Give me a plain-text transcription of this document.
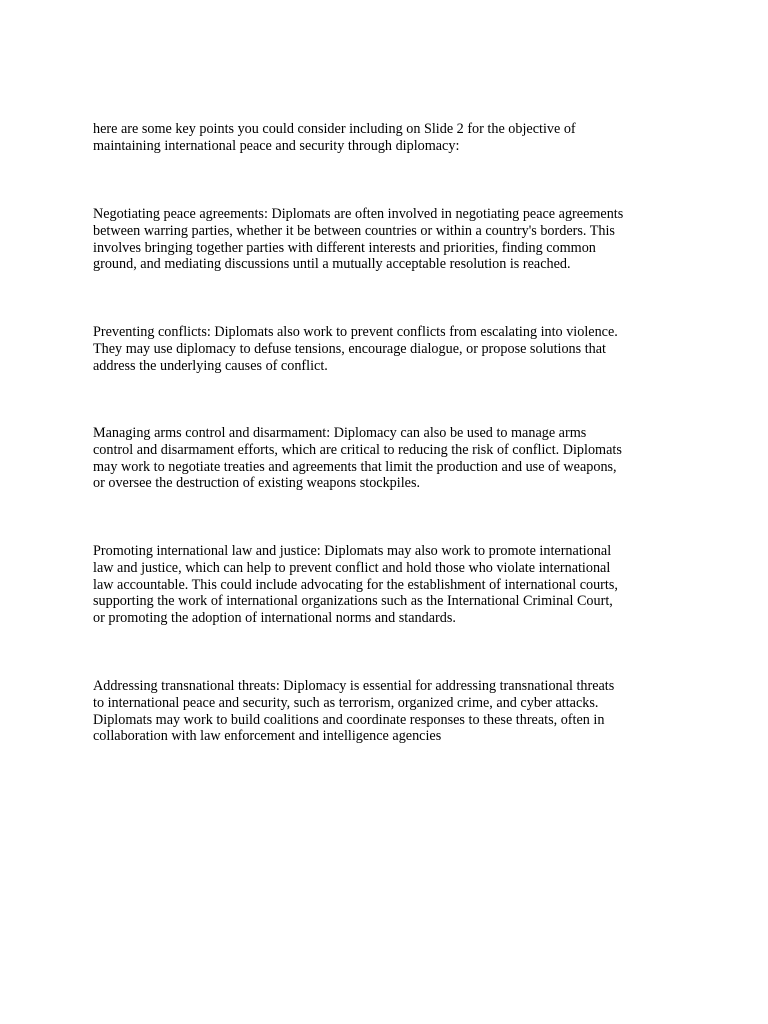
here are some key points you could consider including on Slide 2 for the objective of
maintaining international peace and security through diplomacy:

Negotiating peace agreements: Diplomats are often involved in negotiating peace agreements
between warring parties, whether it be between countries or within a country's borders. This
involves bringing together parties with different interests and priorities, finding common
ground, and mediating discussions until a mutually acceptable resolution is reached.

Preventing conflicts: Diplomats also work to prevent conflicts from escalating into violence.
They may use diplomacy to defuse tensions, encourage dialogue, or propose solutions that
address the underlying causes of conflict.

Managing arms control and disarmament: Diplomacy can also be used to manage arms
control and disarmament efforts, which are critical to reducing the risk of conflict. Diplomats
may work to negotiate treaties and agreements that limit the production and use of weapons,
or oversee the destruction of existing weapons stockpiles.

Promoting international law and justice: Diplomats may also work to promote international
law and justice, which can help to prevent conflict and hold those who violate international
law accountable. This could include advocating for the establishment of international courts,
supporting the work of international organizations such as the International Criminal Court,
or promoting the adoption of international norms and standards.

Addressing transnational threats: Diplomacy is essential for addressing transnational threats
to international peace and security, such as terrorism, organized crime, and cyber attacks.
Diplomats may work to build coalitions and coordinate responses to these threats, often in
collaboration with law enforcement and intelligence agencies
